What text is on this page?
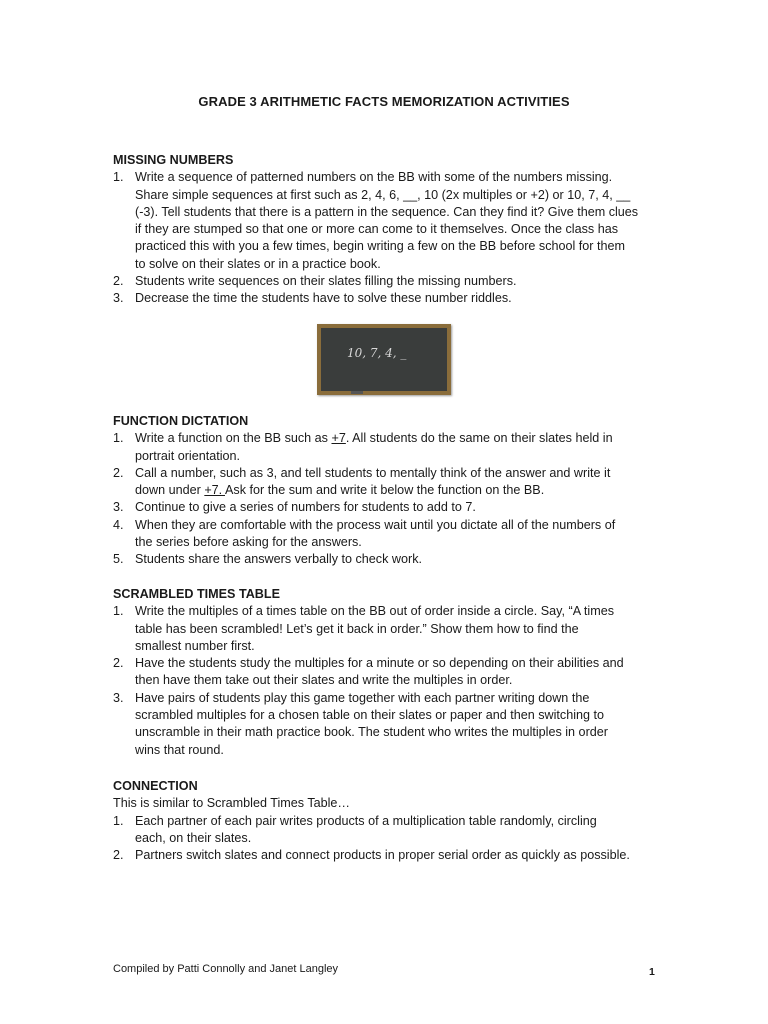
GRADE 3 ARITHMETIC FACTS MEMORIZATION ACTIVITIES
MISSING NUMBERS
1. Write a sequence of patterned numbers on the BB with some of the numbers missing.
Share simple sequences at first such as 2, 4, 6, __, 10 (2x multiples or +2) or 10, 7, 4, __
(-3). Tell students that there is a pattern in the sequence. Can they find it? Give them clues
if they are stumped so that one or more can come to it themselves. Once the class has
practiced this with you a few times, begin writing a few on the BB before school for them
to solve on their slates or in a practice book.
2. Students write sequences on their slates filling the missing numbers.
3. Decrease the time the students have to solve these number riddles.
10, 7, 4, _
FUNCTION DICTATION
1. Write a function on the BB such as +7. All students do the same on their slates held in
portrait orientation.
2. Call a number, such as 3, and tell students to mentally think of the answer and write it
down under +7. Ask for the sum and write it below the function on the BB.
3. Continue to give a series of numbers for students to add to 7.
4. When they are comfortable with the process wait until you dictate all of the numbers of
the series before asking for the answers.
5. Students share the answers verbally to check work.
SCRAMBLED TIMES TABLE
1. Write the multiples of a times table on the BB out of order inside a circle. Say, “A times
table has been scrambled! Let’s get it back in order.” Show them how to find the
smallest number first.
2. Have the students study the multiples for a minute or so depending on their abilities and
then have them take out their slates and write the multiples in order.
3. Have pairs of students play this game together with each partner writing down the
scrambled multiples for a chosen table on their slates or paper and then switching to
unscramble in their math practice book. The student who writes the multiples in order
wins that round.
CONNECTION
This is similar to Scrambled Times Table…
1. Each partner of each pair writes products of a multiplication table randomly, circling
each, on their slates.
2. Partners switch slates and connect products in proper serial order as quickly as possible.
Compiled by Patti Connolly and Janet Langley	1
